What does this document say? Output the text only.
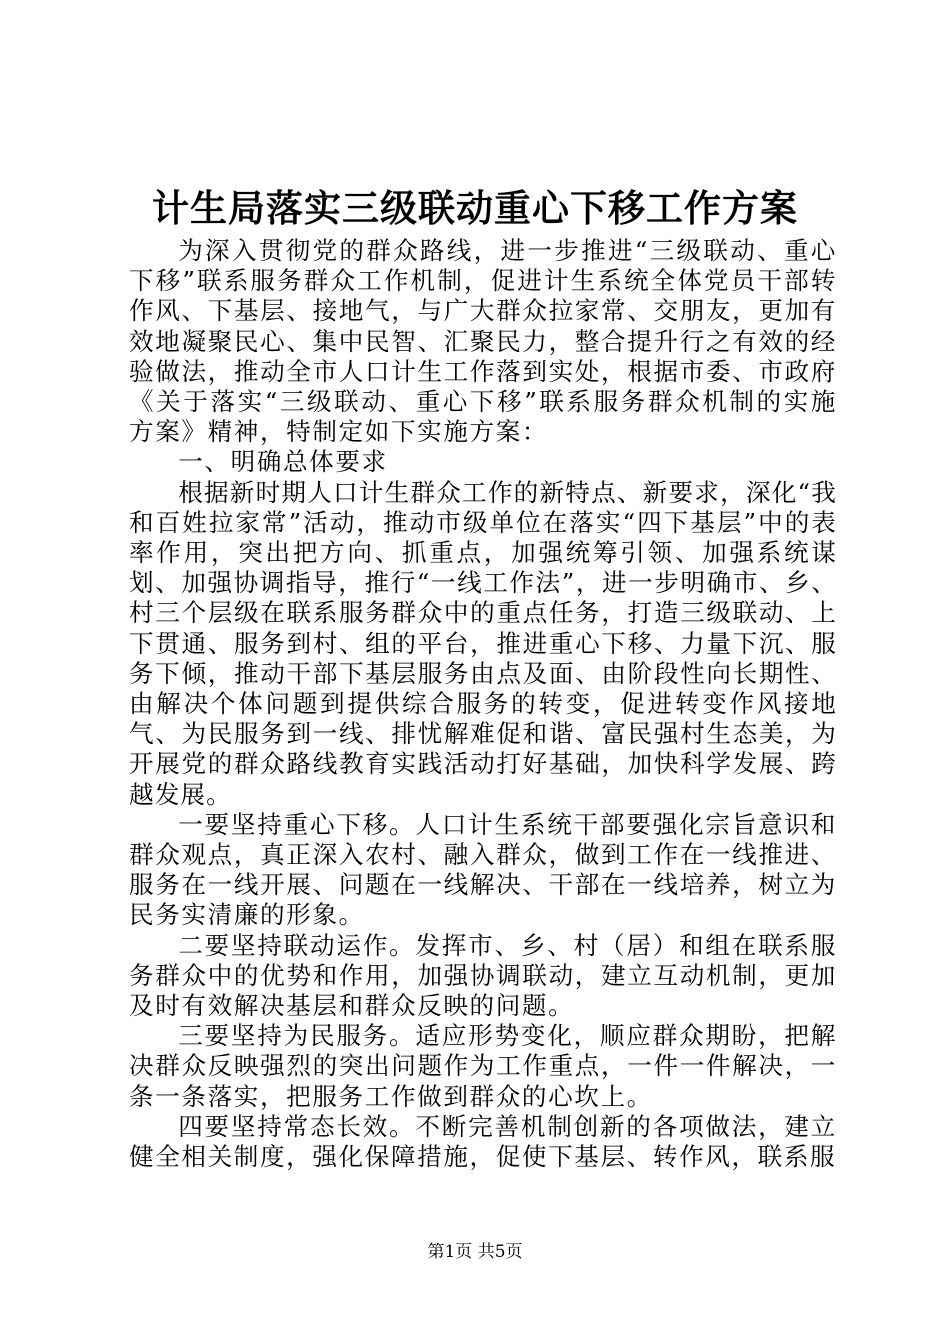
计生局落实三级联动重心下移工作方案

为深入贯彻党的群众路线，进一步推进“三级联动、重心下移”联系服务群众工作机制，促进计生系统全体党员干部转作风、下基层、接地气，与广大群众拉家常、交朋友，更加有效地凝聚民心、集中民智、汇聚民力，整合提升行之有效的经验做法，推动全市人口计生工作落到实处，根据市委、市政府《关于落实“三级联动、重心下移”联系服务群众机制的实施方案》精神，特制定如下实施方案：

一、明确总体要求

根据新时期人口计生群众工作的新特点、新要求，深化“我和百姓拉家常”活动，推动市级单位在落实“四下基层”中的表率作用，突出把方向、抓重点，加强统筹引领、加强系统谋划、加强协调指导，推行“一线工作法”，进一步明确市、乡、村三个层级在联系服务群众中的重点任务，打造三级联动、上下贯通、服务到村、组的平台，推进重心下移、力量下沉、服务下倾，推动干部下基层服务由点及面、由阶段性向长期性、由解决个体问题到提供综合服务的转变，促进转变作风接地气、为民服务到一线、排忧解难促和谐、富民强村生态美，为开展党的群众路线教育实践活动打好基础，加快科学发展、跨越发展。

一要坚持重心下移。人口计生系统干部要强化宗旨意识和群众观点，真正深入农村、融入群众，做到工作在一线推进、服务在一线开展、问题在一线解决、干部在一线培养，树立为民务实清廉的形象。

二要坚持联动运作。发挥市、乡、村（居）和组在联系服务群众中的优势和作用，加强协调联动，建立互动机制，更加及时有效解决基层和群众反映的问题。

三要坚持为民服务。适应形势变化，顺应群众期盼，把解决群众反映强烈的突出问题作为工作重点，一件一件解决，一条一条落实，把服务工作做到群众的心坎上。

四要坚持常态长效。不断完善机制创新的各项做法，建立健全相关制度，强化保障措施，促使下基层、转作风，联系服

第1页 共5页
